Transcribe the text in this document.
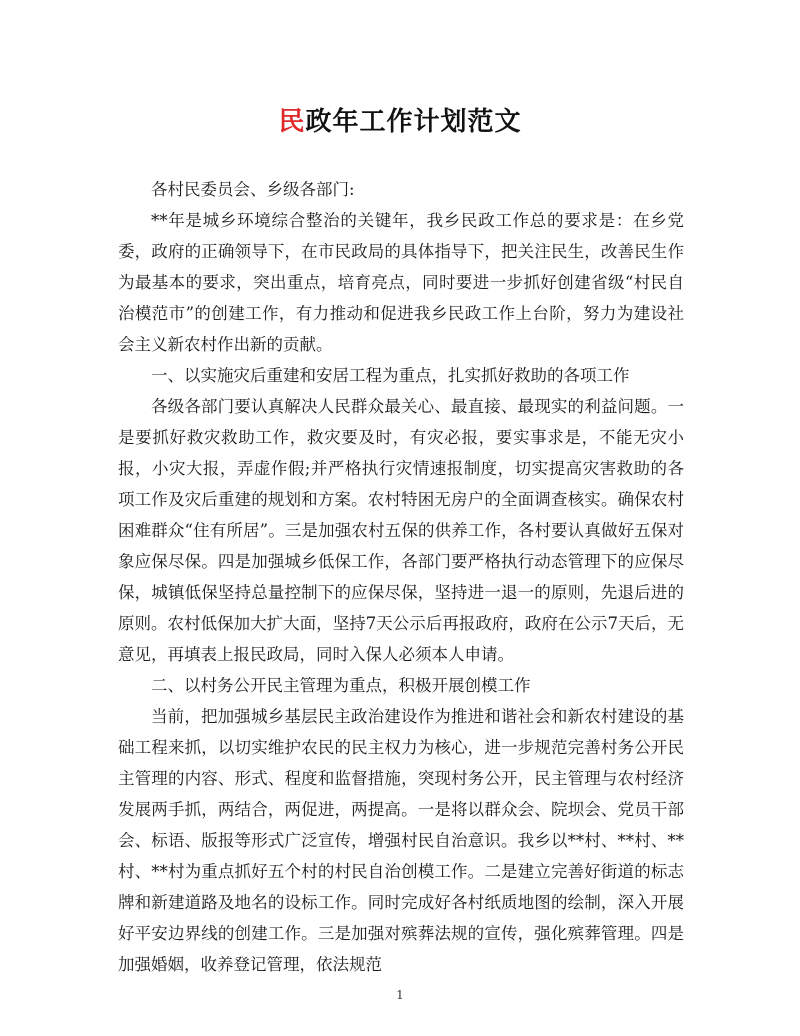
民政年工作计划范文

各村民委员会、乡级各部门:

**年是城乡环境综合整治的关键年，我乡民政工作总的要求是：在乡党委，政府的正确领导下，在市民政局的具体指导下，把关注民生，改善民生作为最基本的要求，突出重点，培育亮点，同时要进一步抓好创建省级“村民自治模范市”的创建工作，有力推动和促进我乡民政工作上台阶，努力为建设社会主义新农村作出新的贡献。

一、以实施灾后重建和安居工程为重点，扎实抓好救助的各项工作

各级各部门要认真解决人民群众最关心、最直接、最现实的利益问题。一是要抓好救灾救助工作，救灾要及时，有灾必报，要实事求是，不能无灾小报，小灾大报，弄虚作假;并严格执行灾情速报制度，切实提高灾害救助的各项工作及灾后重建的规划和方案。农村特困无房户的全面调查核实。确保农村困难群众“住有所居”。三是加强农村五保的供养工作，各村要认真做好五保对象应保尽保。四是加强城乡低保工作，各部门要严格执行动态管理下的应保尽保，城镇低保坚持总量控制下的应保尽保，坚持进一退一的原则，先退后进的原则。农村低保加大扩大面，坚持7天公示后再报政府，政府在公示7天后，无意见，再填表上报民政局，同时入保人必须本人申请。

二、以村务公开民主管理为重点，积极开展创模工作

当前，把加强城乡基层民主政治建设作为推进和谐社会和新农村建设的基础工程来抓，以切实维护农民的民主权力为核心，进一步规范完善村务公开民主管理的内容、形式、程度和监督措施，突现村务公开，民主管理与农村经济发展两手抓，两结合，两促进，两提高。一是将以群众会、院坝会、党员干部会、标语、版报等形式广泛宣传，增强村民自治意识。我乡以**村、**村、**村、**村为重点抓好五个村的村民自治创模工作。二是建立完善好街道的标志牌和新建道路及地名的设标工作。同时完成好各村纸质地图的绘制，深入开展好平安边界线的创建工作。三是加强对殡葬法规的宣传，强化殡葬管理。四是加强婚姻，收养登记管理，依法规范

1
